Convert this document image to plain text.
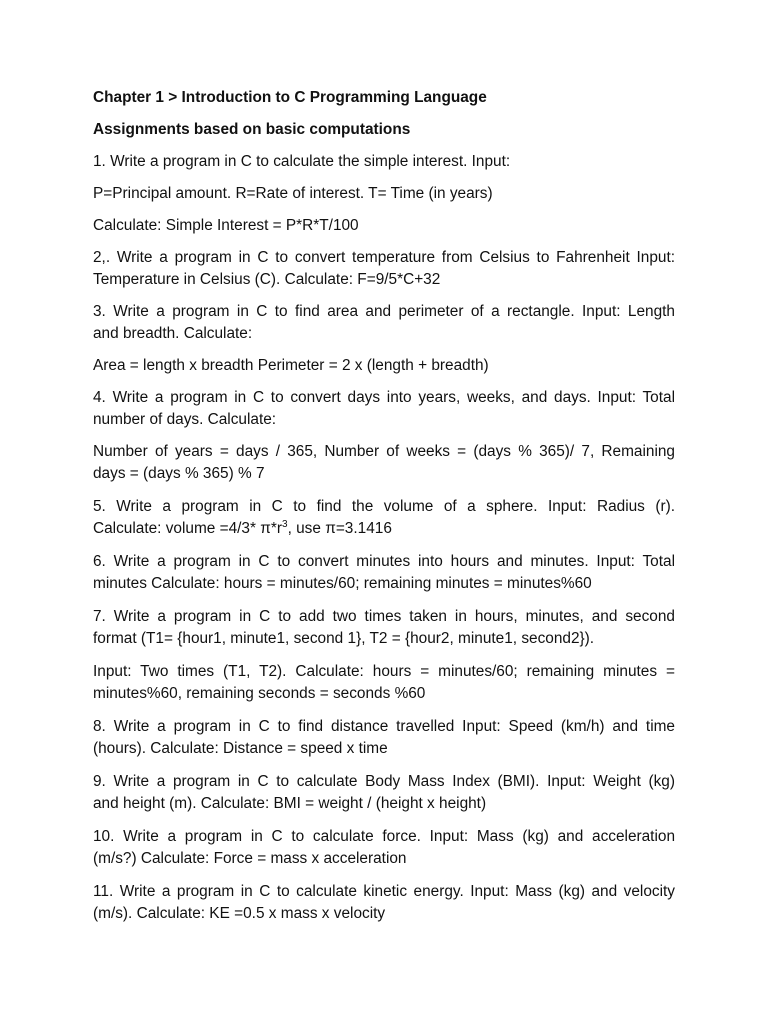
Chapter 1 > Introduction to C Programming Language
Assignments based on basic computations
1. Write a program in C to calculate the simple interest. Input:
P=Principal amount. R=Rate of interest. T= Time (in years)
Calculate: Simple Interest = P*R*T/100
2,. Write a program in C to convert temperature from Celsius to Fahrenheit Input:
Temperature in Celsius (C). Calculate: F=9/5*C+32
3. Write a program in C to find area and perimeter of a rectangle. Input: Length
and breadth. Calculate:
Area = length x breadth Perimeter = 2 x (length + breadth)
4. Write a program in C to convert days into years, weeks, and days. Input: Total
number of days. Calculate:
Number of years = days / 365, Number of weeks = (days % 365)/ 7, Remaining
days = (days % 365) % 7
5. Write a program in C to find the volume of a sphere. Input: Radius (r).
Calculate: volume =4/3* $\pi*r^3$, use π=3.1416
6. Write a program in C to convert minutes into hours and minutes. Input: Total
minutes Calculate: hours = minutes/60; remaining minutes = minutes%60
7. Write a program in C to add two times taken in hours, minutes, and second
format (T1= {hour1, minute1, second 1}, T2 = {hour2, minute1, second2}).
Input: Two times (T1, T2). Calculate: hours = minutes/60; remaining minutes =
minutes%60, remaining seconds = seconds %60
8. Write a program in C to find distance travelled Input: Speed (km/h) and time
(hours). Calculate: Distance = speed x time
9. Write a program in C to calculate Body Mass Index (BMI). Input: Weight (kg)
and height (m). Calculate: BMI = weight / (height x height)
10. Write a program in C to calculate force. Input: Mass (kg) and acceleration
(m/s?) Calculate: Force = mass x acceleration
11. Write a program in C to calculate kinetic energy. Input: Mass (kg) and velocity
(m/s). Calculate: KE =0.5 x mass x velocity
